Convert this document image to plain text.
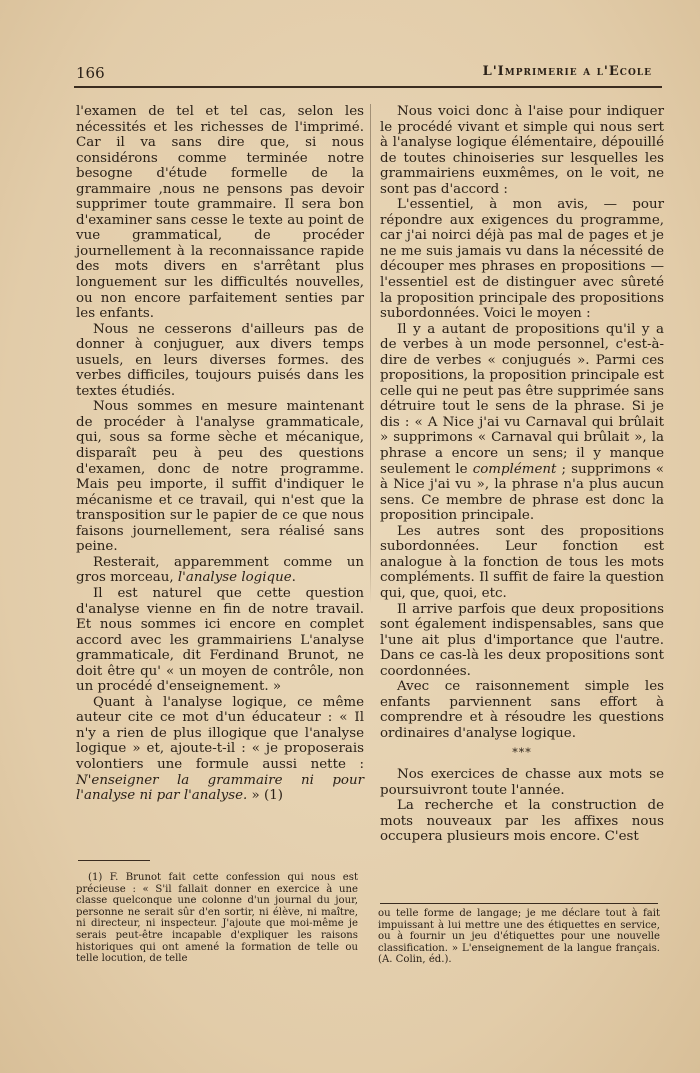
166	L'Imprimerie a l'Ecole

l'examen de tel et tel cas, selon les nécessités et les richesses de l'imprimé. Car il va sans dire que, si nous considérons comme terminée notre besogne d'étude formelle de la grammaire ,nous ne pensons pas devoir supprimer toute grammaire. Il sera bon d'examiner sans cesse le texte au point de vue grammatical, de procéder journellement à la reconnaissance rapide des mots divers en s'arrêtant plus longuement sur les difficultés nouvelles, ou non encore parfaitement senties par les enfants.

Nous ne cesserons d'ailleurs pas de donner à conjuguer, aux divers temps usuels, en leurs diverses formes. des verbes difficiles, toujours puisés dans les textes étudiés.

Nous sommes en mesure maintenant de procéder à l'analyse grammaticale, qui, sous sa forme sèche et mécanique, disparaît peu à peu des questions d'examen, donc de notre programme. Mais peu importe, il suffit d'indiquer le mécanisme et ce travail, qui n'est que la transposition sur le papier de ce que nous faisons journellement, sera réalisé sans peine.

Resterait, apparemment comme un gros morceau, l'analyse logique.

Il est naturel que cette question d'analyse vienne en fin de notre travail. Et nous sommes ici encore en complet accord avec les grammairiens L'analyse grammaticale, dit Ferdinand Brunot, ne doit être qu' « un moyen de contrôle, non un procédé d'enseignement. »

Quant à l'analyse logique, ce même auteur cite ce mot d'un éducateur : « Il n'y a rien de plus illogique que l'analyse logique » et, ajoute-t-il : « je proposerais volontiers une formule aussi nette : N'enseigner la grammaire ni pour l'analyse ni par l'analyse. » (1)

Nous voici donc à l'aise pour indiquer le procédé vivant et simple qui nous sert à l'analyse logique élémentaire, dépouillé de toutes chinoiseries sur lesquelles les grammairiens euxmêmes, on le voit, ne sont pas d'accord :

L'essentiel, à mon avis, — pour répondre aux exigences du programme, car j'ai noirci déjà pas mal de pages et je ne me suis jamais vu dans la nécessité de découper mes phrases en propositions — l'essentiel est de distinguer avec sûreté la proposition principale des propositions subordonnées. Voici le moyen :

Il y a autant de propositions qu'il y a de verbes à un mode personnel, c'est-à-dire de verbes « conjugués ». Parmi ces propositions, la proposition principale est celle qui ne peut pas être supprimée sans détruire tout le sens de la phrase. Si je dis : « A Nice j'ai vu Carnaval qui brûlait » supprimons « Carnaval qui brûlait », la phrase a encore un sens; il y manque seulement le complément ; supprimons « à Nice j'ai vu », la phrase n'a plus aucun sens. Ce membre de phrase est donc la proposition principale.

Les autres sont des propositions subordonnées. Leur fonction est analogue à la fonction de tous les mots compléments. Il suffit de faire la question qui, que, quoi, etc.

Il arrive parfois que deux propositions sont également indispensables, sans que l'une ait plus d'importance que l'autre. Dans ce cas-là les deux propositions sont coordonnées.

Avec ce raisonnement simple les enfants parviennent sans effort à comprendre et à résoudre les questions ordinaires d'analyse logique.

***

Nos exercices de chasse aux mots se poursuivront toute l'année.

La recherche et la construction de mots nouveaux par les affixes nous occupera plusieurs mois encore. C'est

(1) F. Brunot fait cette confession qui nous est précieuse : « S'il fallait donner en exercice à une classe quelconque une colonne d'un journal du jour, personne ne serait sûr d'en sortir, ni élève, ni maître, ni directeur, ni inspecteur. J'ajoute que moi-même je serais peut-être incapable d'expliquer les raisons historiques qui ont amené la formation de telle ou telle locution, de telle

ou telle forme de langage; je me déclare tout à fait impuissant à lui mettre une des étiquettes en service, ou à fournir un jeu d'étiquettes pour une nouvelle classification. » L'enseignement de la langue français. (A. Colin, éd.).
